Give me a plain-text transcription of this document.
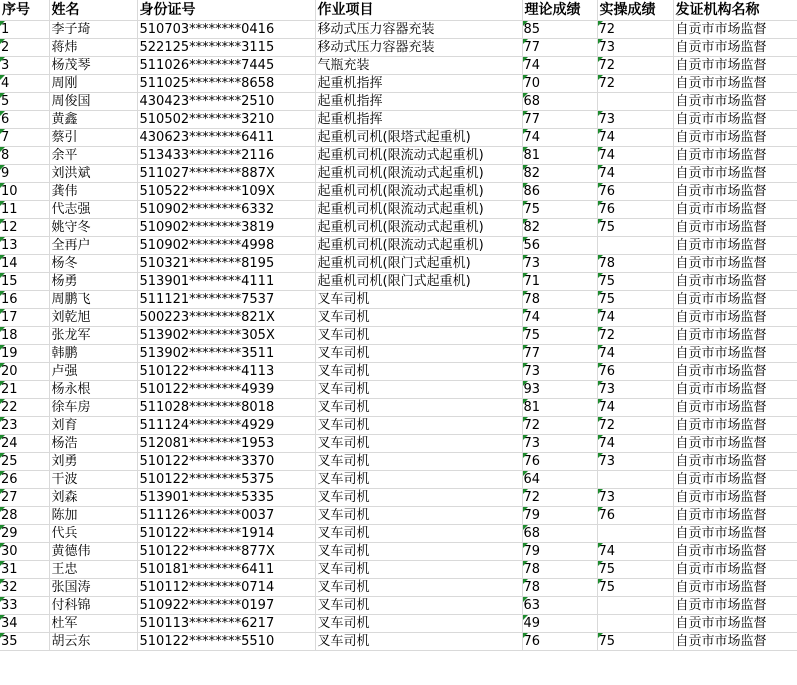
序号	姓名	身份证号	作业项目	理论成绩	实操成绩	发证机构名称
1	李子琦	510703********0416	移动式压力容器充装	85	72	自贡市市场监督
2	蒋炜	522125********3115	移动式压力容器充装	77	73	自贡市市场监督
3	杨茂琴	511026********7445	气瓶充装	74	72	自贡市市场监督
4	周刚	511025********8658	起重机指挥	70	72	自贡市市场监督
5	周俊国	430423********2510	起重机指挥	68		自贡市市场监督
6	黄鑫	510502********3210	起重机指挥	77	73	自贡市市场监督
7	蔡引	430623********6411	起重机司机(限塔式起重机)	74	74	自贡市市场监督
8	余平	513433********2116	起重机司机(限流动式起重机)	81	74	自贡市市场监督
9	刘洪斌	511027********887X	起重机司机(限流动式起重机)	82	74	自贡市市场监督
10	龚伟	510522********109X	起重机司机(限流动式起重机)	86	76	自贡市市场监督
11	代志强	510902********6332	起重机司机(限流动式起重机)	75	76	自贡市市场监督
12	姚守冬	510902********3819	起重机司机(限流动式起重机)	82	75	自贡市市场监督
13	全再户	510902********4998	起重机司机(限流动式起重机)	56		自贡市市场监督
14	杨冬	510321********8195	起重机司机(限门式起重机)	73	78	自贡市市场监督
15	杨勇	513901********4111	起重机司机(限门式起重机)	71	75	自贡市市场监督
16	周鹏飞	511121********7537	叉车司机	78	75	自贡市市场监督
17	刘乾旭	500223********821X	叉车司机	74	74	自贡市市场监督
18	张龙军	513902********305X	叉车司机	75	72	自贡市市场监督
19	韩鹏	513902********3511	叉车司机	77	74	自贡市市场监督
20	卢强	510122********4113	叉车司机	73	76	自贡市市场监督
21	杨永根	510122********4939	叉车司机	93	73	自贡市市场监督
22	徐车房	511028********8018	叉车司机	81	74	自贡市市场监督
23	刘育	511124********4929	叉车司机	72	72	自贡市市场监督
24	杨浩	512081********1953	叉车司机	73	74	自贡市市场监督
25	刘勇	510122********3370	叉车司机	76	73	自贡市市场监督
26	干波	510122********5375	叉车司机	64		自贡市市场监督
27	刘森	513901********5335	叉车司机	72	73	自贡市市场监督
28	陈加	511126********0037	叉车司机	79	76	自贡市市场监督
29	代兵	510122********1914	叉车司机	68		自贡市市场监督
30	黄德伟	510122********877X	叉车司机	79	74	自贡市市场监督
31	王忠	510181********6411	叉车司机	78	75	自贡市市场监督
32	张国涛	510112********0714	叉车司机	78	75	自贡市市场监督
33	付科锦	510922********0197	叉车司机	63		自贡市市场监督
34	杜军	510113********6217	叉车司机	49		自贡市市场监督
35	胡云东	510122********5510	叉车司机	76	75	自贡市市场监督
